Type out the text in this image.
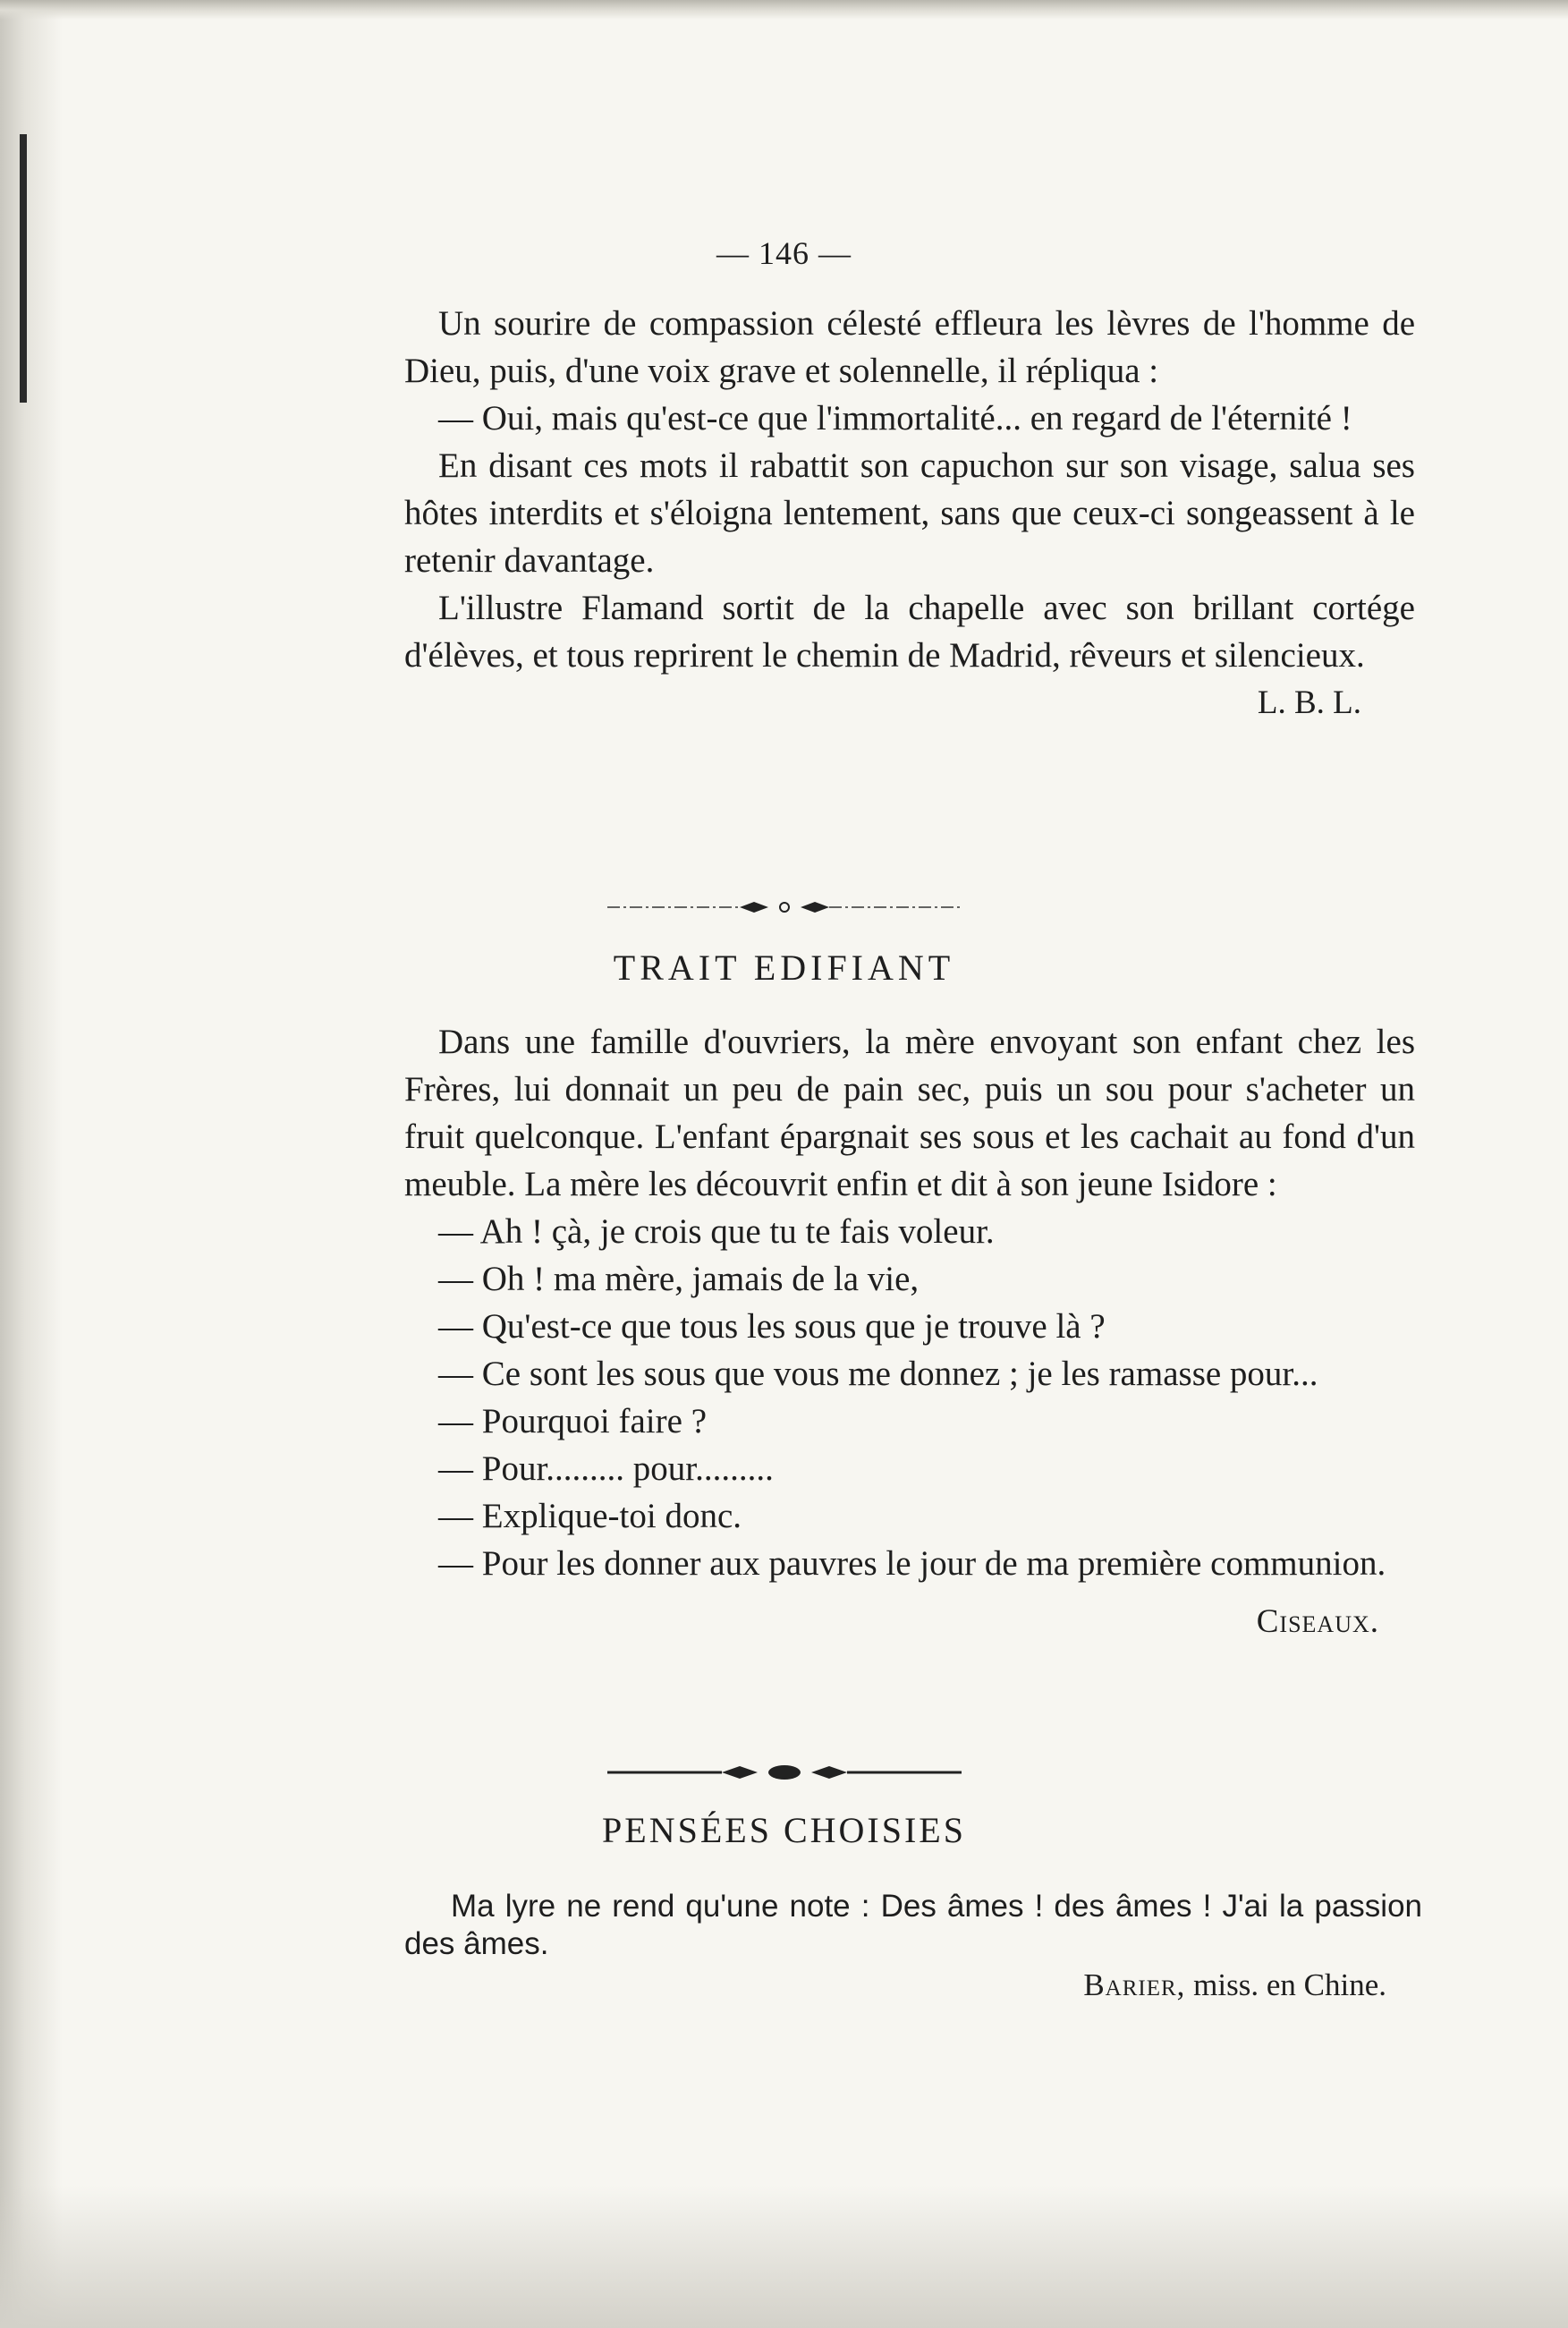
— 146 —

Un sourire de compassion célesté effleura les lèvres de l'homme de Dieu, puis, d'une voix grave et solennelle, il répliqua :

— Oui, mais qu'est-ce que l'immortalité... en regard de l'éternité !

En disant ces mots il rabattit son capuchon sur son visage, salua ses hôtes interdits et s'éloigna lentement, sans que ceux-ci songeassent à le retenir davantage.

L'illustre Flamand sortit de la chapelle avec son brillant cortége d'élèves, et tous reprirent le chemin de Madrid, rêveurs et silencieux.

L. B. L.

TRAIT EDIFIANT

Dans une famille d'ouvriers, la mère envoyant son enfant chez les Frères, lui donnait un peu de pain sec, puis un sou pour s'acheter un fruit quelconque. L'enfant épargnait ses sous et les cachait au fond d'un meuble. La mère les découvrit enfin et dit à son jeune Isidore :

— Ah ! çà, je crois que tu te fais voleur.

— Oh ! ma mère, jamais de la vie,

— Qu'est-ce que tous les sous que je trouve là ?

— Ce sont les sous que vous me donnez ; je les ramasse pour...

— Pourquoi faire ?

— Pour......... pour.........

— Explique-toi donc.

— Pour les donner aux pauvres le jour de ma première communion.

Ciseaux.

PENSÉES CHOISIES

Ma lyre ne rend qu'une note : Des âmes ! des âmes ! J'ai la passion des âmes.

Barier, miss. en Chine.
